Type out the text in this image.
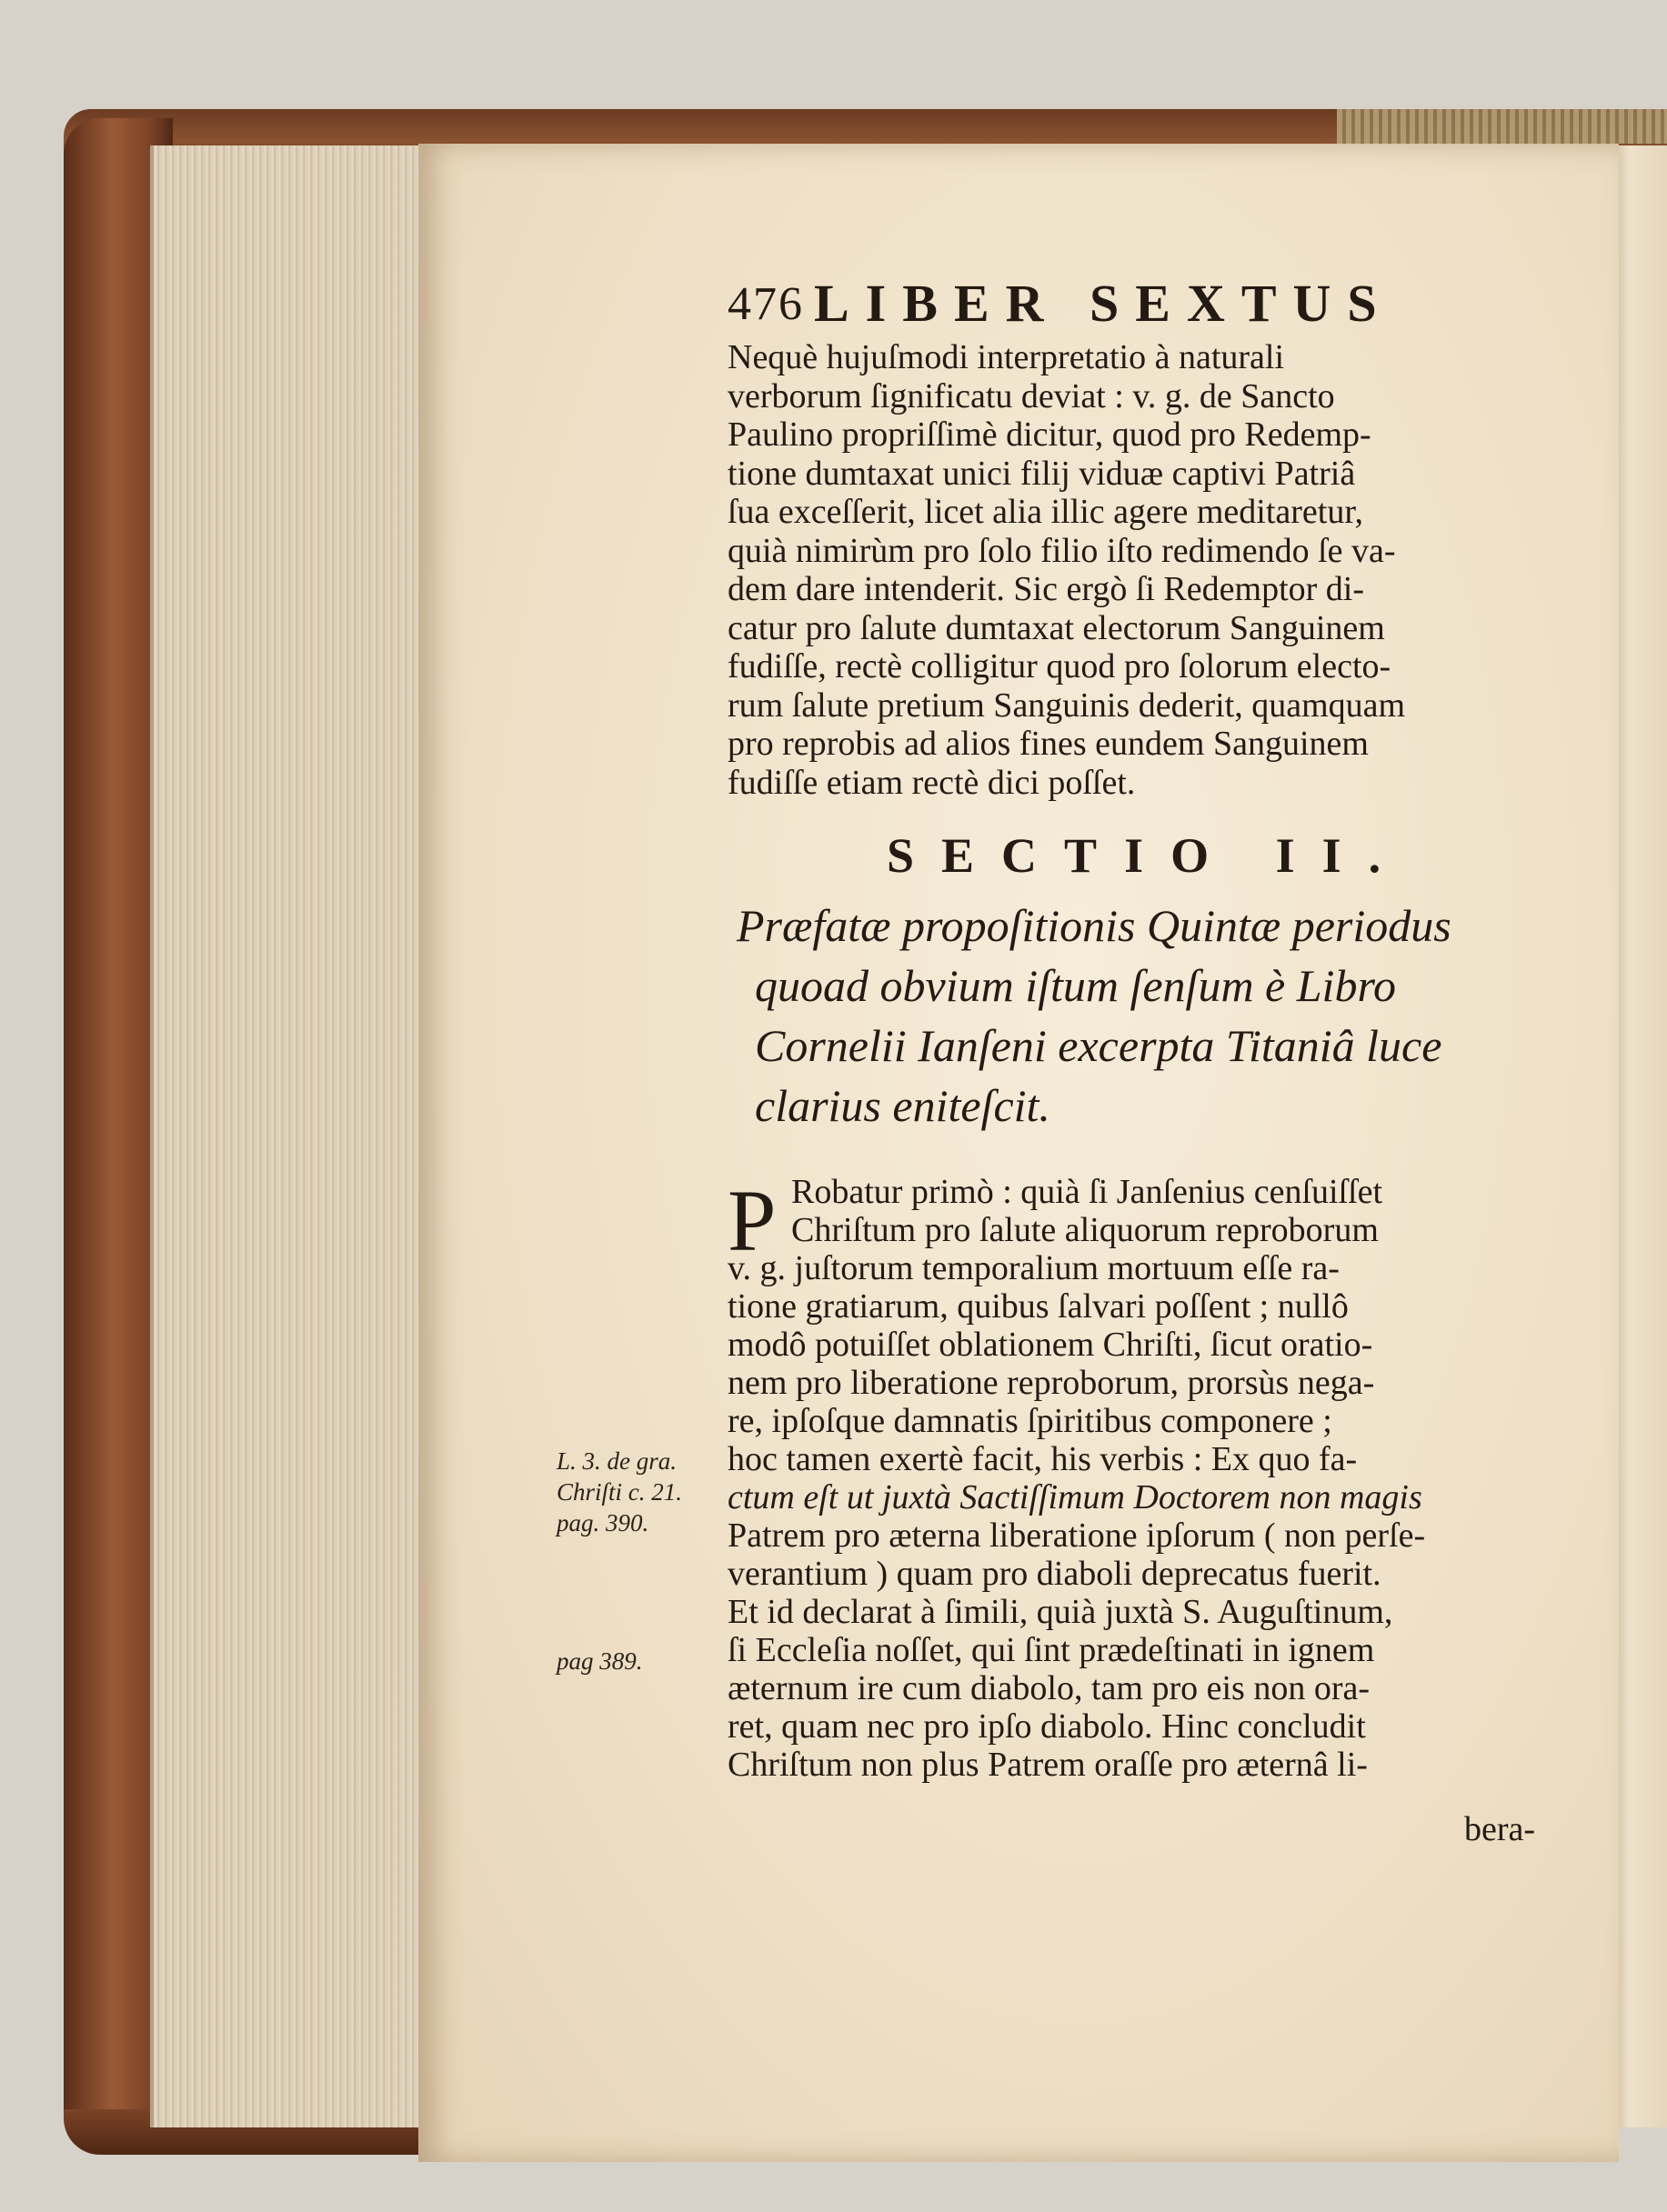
476 LIBER SEXTUS
Nequè hujuſmodi interpretatio à naturali
verborum ſignificatu deviat : v. g. de Sancto
Paulino propriſſimè dicitur, quod pro Redemp-
tione dumtaxat unici filij viduæ captivi Patriâ
ſua exceſſerit, licet alia illic agere meditaretur,
quià nimirùm pro ſolo filio iſto redimendo ſe va-
dem dare intenderit. Sic ergò ſi Redemptor di-
catur pro ſalute dumtaxat electorum Sanguinem
fudiſſe, rectè colligitur quod pro ſolorum electo-
rum ſalute pretium Sanguinis dederit, quamquam
pro reprobis ad alios fines eundem Sanguinem
fudiſſe etiam rectè dici poſſet.
SECTIO II.
Præfatæ propoſitionis Quintæ periodus
quoad obvium iſtum ſenſum è Libro
Cornelii Ianſeni excerpta Titaniâ luce
clarius eniteſcit.
P Robatur primò : quià ſi Janſenius cenſuiſſet
Chriſtum pro ſalute aliquorum reproborum
v. g. juſtorum temporalium mortuum eſſe ra-
tione gratiarum, quibus ſalvari poſſent ; nullô
modô potuiſſet oblationem Chriſti, ſicut oratio-
nem pro liberatione reproborum, prorsùs nega-
re, ipſoſque damnatis ſpiritibus componere ;
hoc tamen exertè facit, his verbis : Ex quo fa-
ctum eſt ut juxtà Sactiſſimum Doctorem non magis
Patrem pro æterna liberatione ipſorum ( non perſe-
verantium ) quam pro diaboli deprecatus fuerit.
Et id declarat à ſimili, quià juxtà S. Auguſtinum,
ſi Eccleſia noſſet, qui ſint prædeſtinati in ignem
æternum ire cum diabolo, tam pro eis non ora-
ret, quam nec pro ipſo diabolo. Hinc concludit
Chriſtum non plus Patrem oraſſe pro æternâ li-
L. 3. de gra.
Chriſti c. 21.
pag. 390.
pag 389.
bera-
